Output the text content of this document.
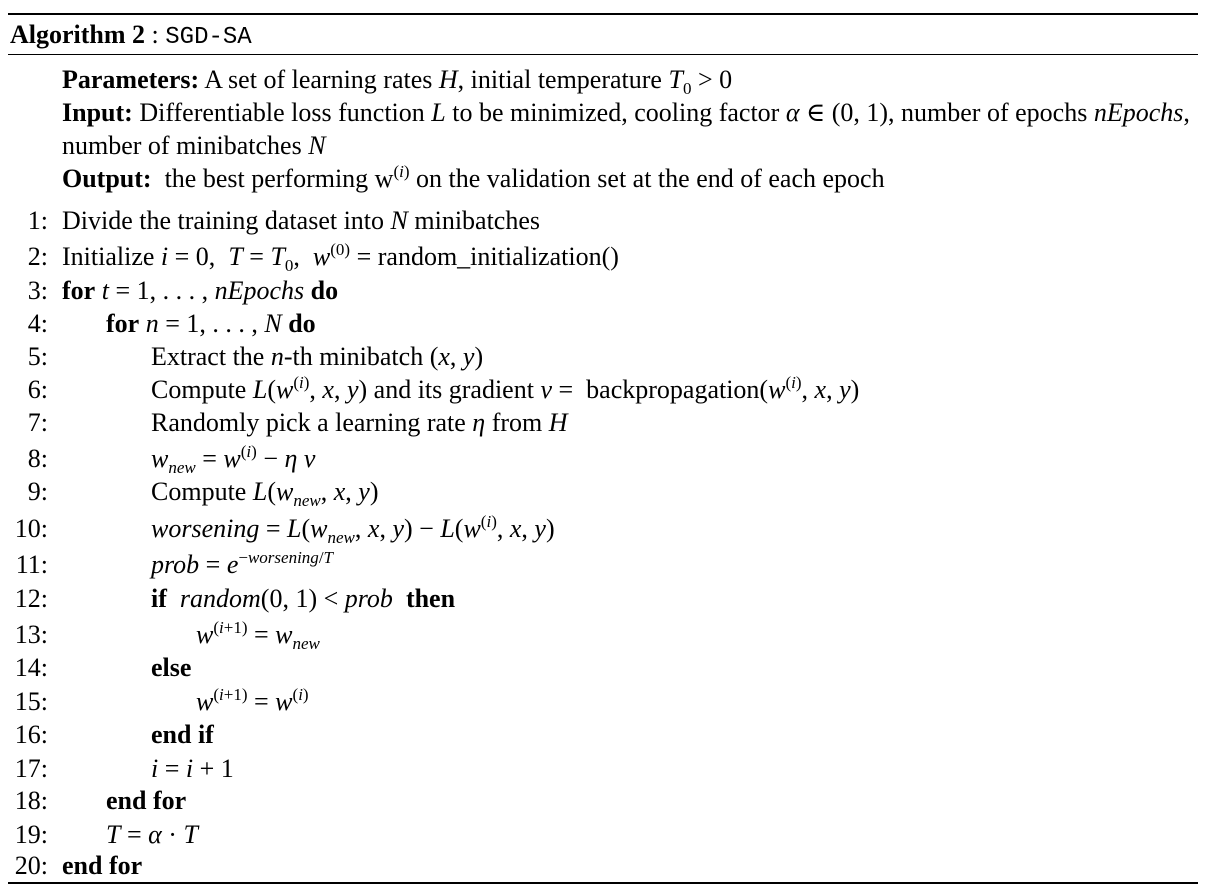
Algorithm 2 : SGD-SA
Parameters: A set of learning rates H, initial temperature $T_0 > 0$
Input: Differentiable loss function L to be minimized, cooling factor α ∈ (0, 1), number of epochs nEpochs, number of minibatches N
Output:  the best performing $w^{(i)}$ on the validation set at the end of each epoch
1: Divide the training dataset into N minibatches
2: Initialize i = 0,  $T = T_0$,  $w^{(0)}$ = random_initialization()
3: for t = 1, . . . , nEpochs do
4: for n = 1, . . . , N do
5:	Extract the n-th minibatch (x, y)
6:	Compute $L(w^{(i)}$, x, y) and its gradient $v = backpropagation(w^{(i)}$, x, y)
7:	Randomly pick a learning rate η from H
8:	$w_{new} = w^{(i)} - \eta$ v
9:	Compute $L(w_{new}$, x, y)
10:	worsening = $L(w_{new}$, x, $y) - L(w^{(i)}$, x, y)
11:	prob = $e^{-worsening/T}$
12:	if random(0, 1) < prob then
13:	$w^{(i+1)} = w_{new}$
14:	else
15:	$w^{(i+1)} = w^{(i)}$
16:	end if
17:	i = i + 1
18: end for
19: T = α · T
20: end for
